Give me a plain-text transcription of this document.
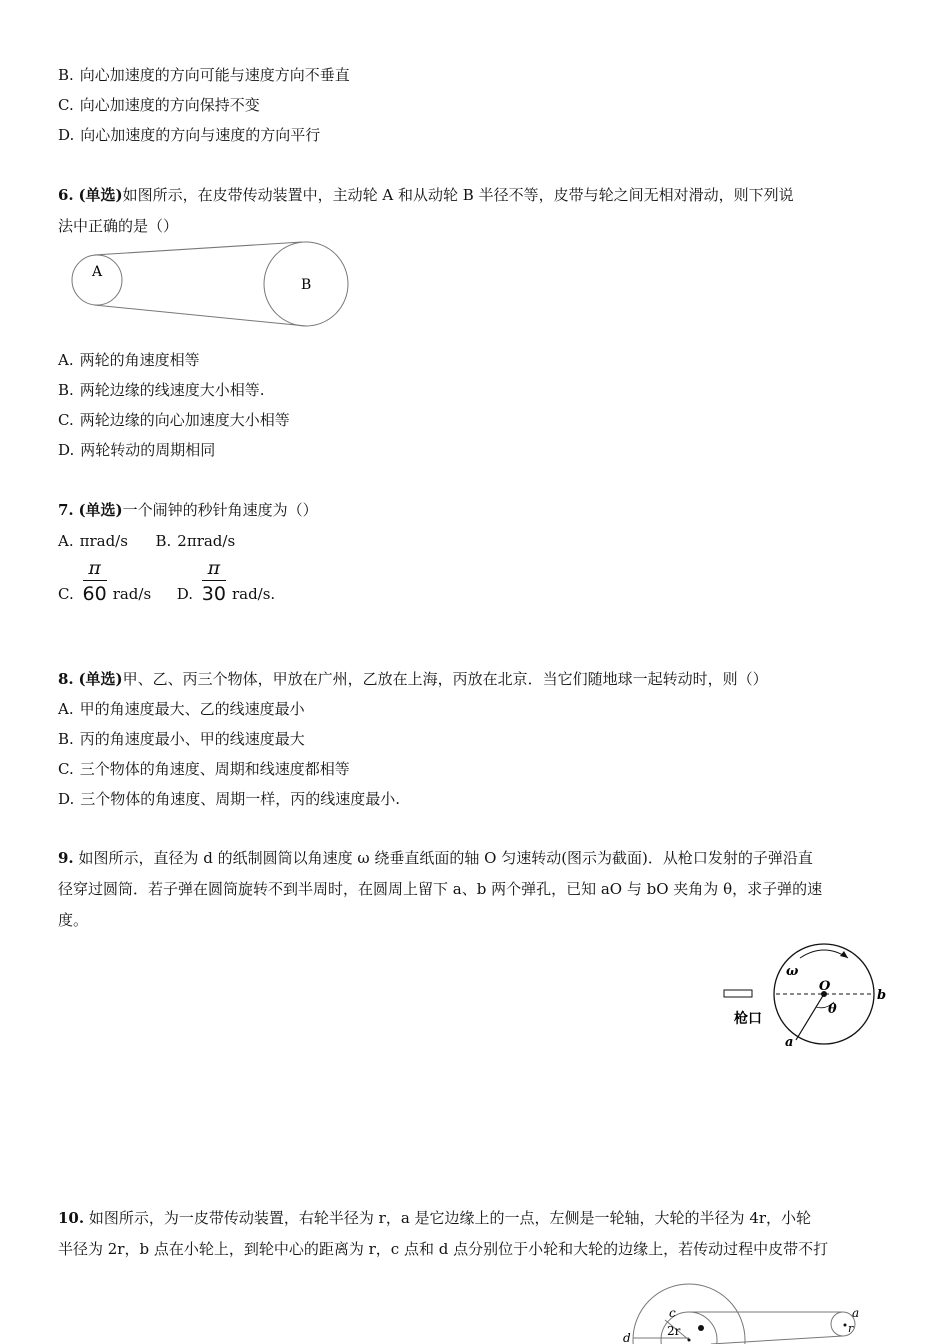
B. 向心加速度的方向可能与速度方向不垂直
C. 向心加速度的方向保持不变
D. 向心加速度的方向与速度的方向平行
6. (单选)如图所示，在皮带传动装置中，主动轮 A 和从动轮 B 半径不等，皮带与轮之间无相对滑动，则下列说
法中正确的是（）
A
B
A. 两轮的角速度相等
B. 两轮边缘的线速度大小相等.
C. 两轮边缘的向心加速度大小相等
D. 两轮转动的周期相同
7. (单选)一个闹钟的秒针角速度为（）
A. πrad/s B. 2πrad/s
C. $\frac{\pi}{60} rad/s$ D. $\frac{\pi}{30} rad/s$.
8. (单选)甲、乙、丙三个物体，甲放在广州，乙放在上海，丙放在北京．当它们随地球一起转动时，则（）
A. 甲的角速度最大、乙的线速度最小
B. 丙的角速度最小、甲的线速度最大
C. 三个物体的角速度、周期和线速度都相等
D. 三个物体的角速度、周期一样，丙的线速度最小.
9. 如图所示，直径为 d 的纸制圆筒以角速度 ω 绕垂直纸面的轴 O 匀速转动(图示为截面)．从枪口发射的子弹沿直
径穿过圆筒．若子弹在圆筒旋转不到半周时，在圆周上留下 a、b 两个弹孔，已知 aO 与 bO 夹角为 θ，求子弹的速
度。
ω
O
θ
b
a
枪口
10. 如图所示，为一皮带传动装置，右轮半径为 r，a 是它边缘上的一点，左侧是一轮轴，大轮的半径为 4r，小轮
半径为 2r，b 点在小轮上，到轮中心的距离为 r，c 点和 d 点分别位于小轮和大轮的边缘上，若传动过程中皮带不打
c
d	2r
a
r
